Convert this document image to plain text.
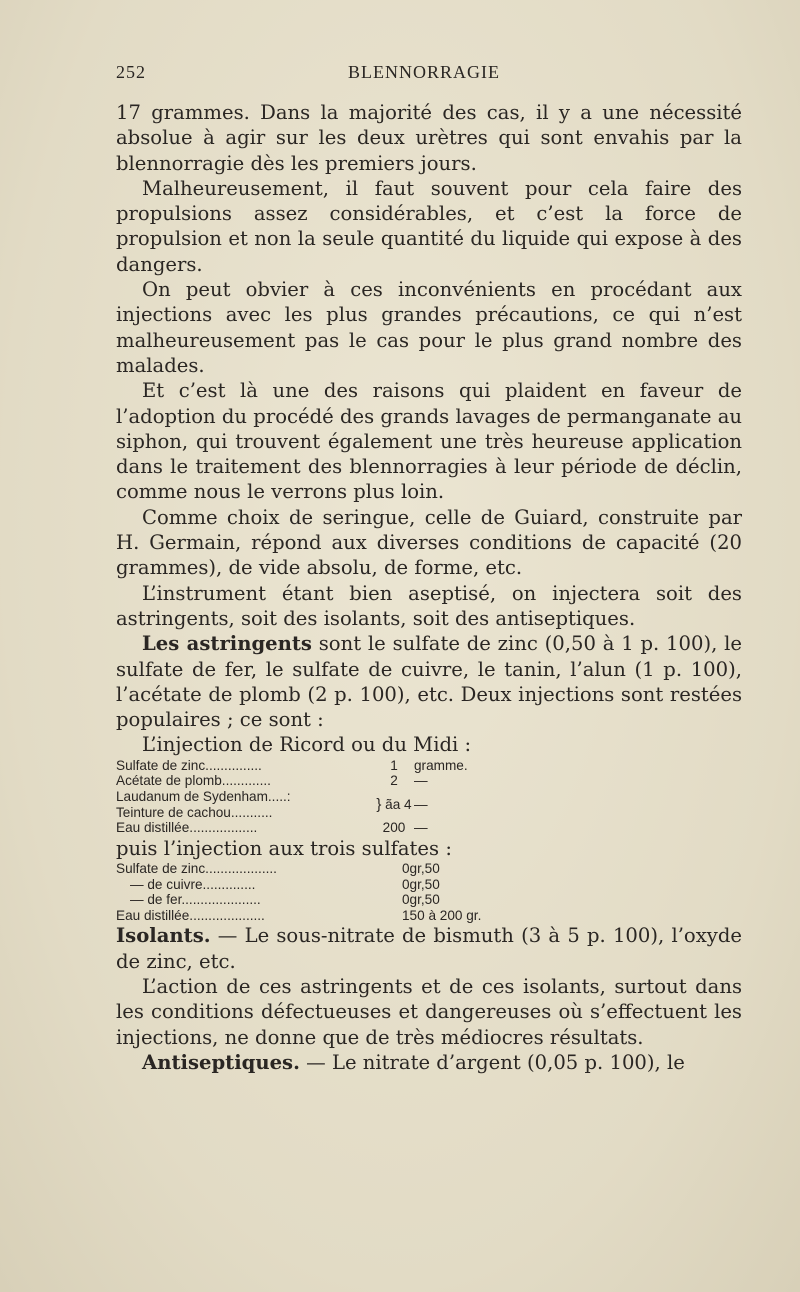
252	BLENNORRAGIE

17 grammes. Dans la majorité des cas, il y a une nécessité absolue à agir sur les deux urètres qui sont envahis par la blennorragie dès les premiers jours.

Malheureusement, il faut souvent pour cela faire des propulsions assez considérables, et c’est la force de propulsion et non la seule quantité du liquide qui expose à des dangers.

On peut obvier à ces inconvénients en procédant aux injections avec les plus grandes précautions, ce qui n’est malheureusement pas le cas pour le plus grand nombre des malades.

Et c’est là une des raisons qui plaident en faveur de l’adoption du procédé des grands lavages de permanganate au siphon, qui trouvent également une très heureuse application dans le traitement des blennorragies à leur période de déclin, comme nous le verrons plus loin.

Comme choix de seringue, celle de Guiard, construite par H. Germain, répond aux diverses conditions de capacité (20 grammes), de vide absolu, de forme, etc.

L’instrument étant bien aseptisé, on injectera soit des astringents, soit des isolants, soit des antiseptiques.

Les astringents sont le sulfate de zinc (0,50 à 1 p. 100), le sulfate de fer, le sulfate de cuivre, le tanin, l’alun (1 p. 100), l’acétate de plomb (2 p. 100), etc. Deux injections sont restées populaires ; ce sont :

L’injection de Ricord ou du Midi :

Sulfate de zinc...............	1	gramme.
Acétate de plomb.............	2	—
Laudanum de Sydenham.....:	} ãa 4	—
Teinture de cachou...........		
Eau distillée..................	200	—

puis l’injection aux trois sulfates :

Sulfate de zinc...................	0gr,50
— de cuivre..............	0gr,50
— de fer.....................	0gr,50
Eau distillée....................	150 à 200 gr.

Isolants. — Le sous-nitrate de bismuth (3 à 5 p. 100), l’oxyde de zinc, etc.

L’action de ces astringents et de ces isolants, surtout dans les conditions défectueuses et dangereuses où s’effectuent les injections, ne donne que de très médiocres résultats.

Antiseptiques. — Le nitrate d’argent (0,05 p. 100), le
